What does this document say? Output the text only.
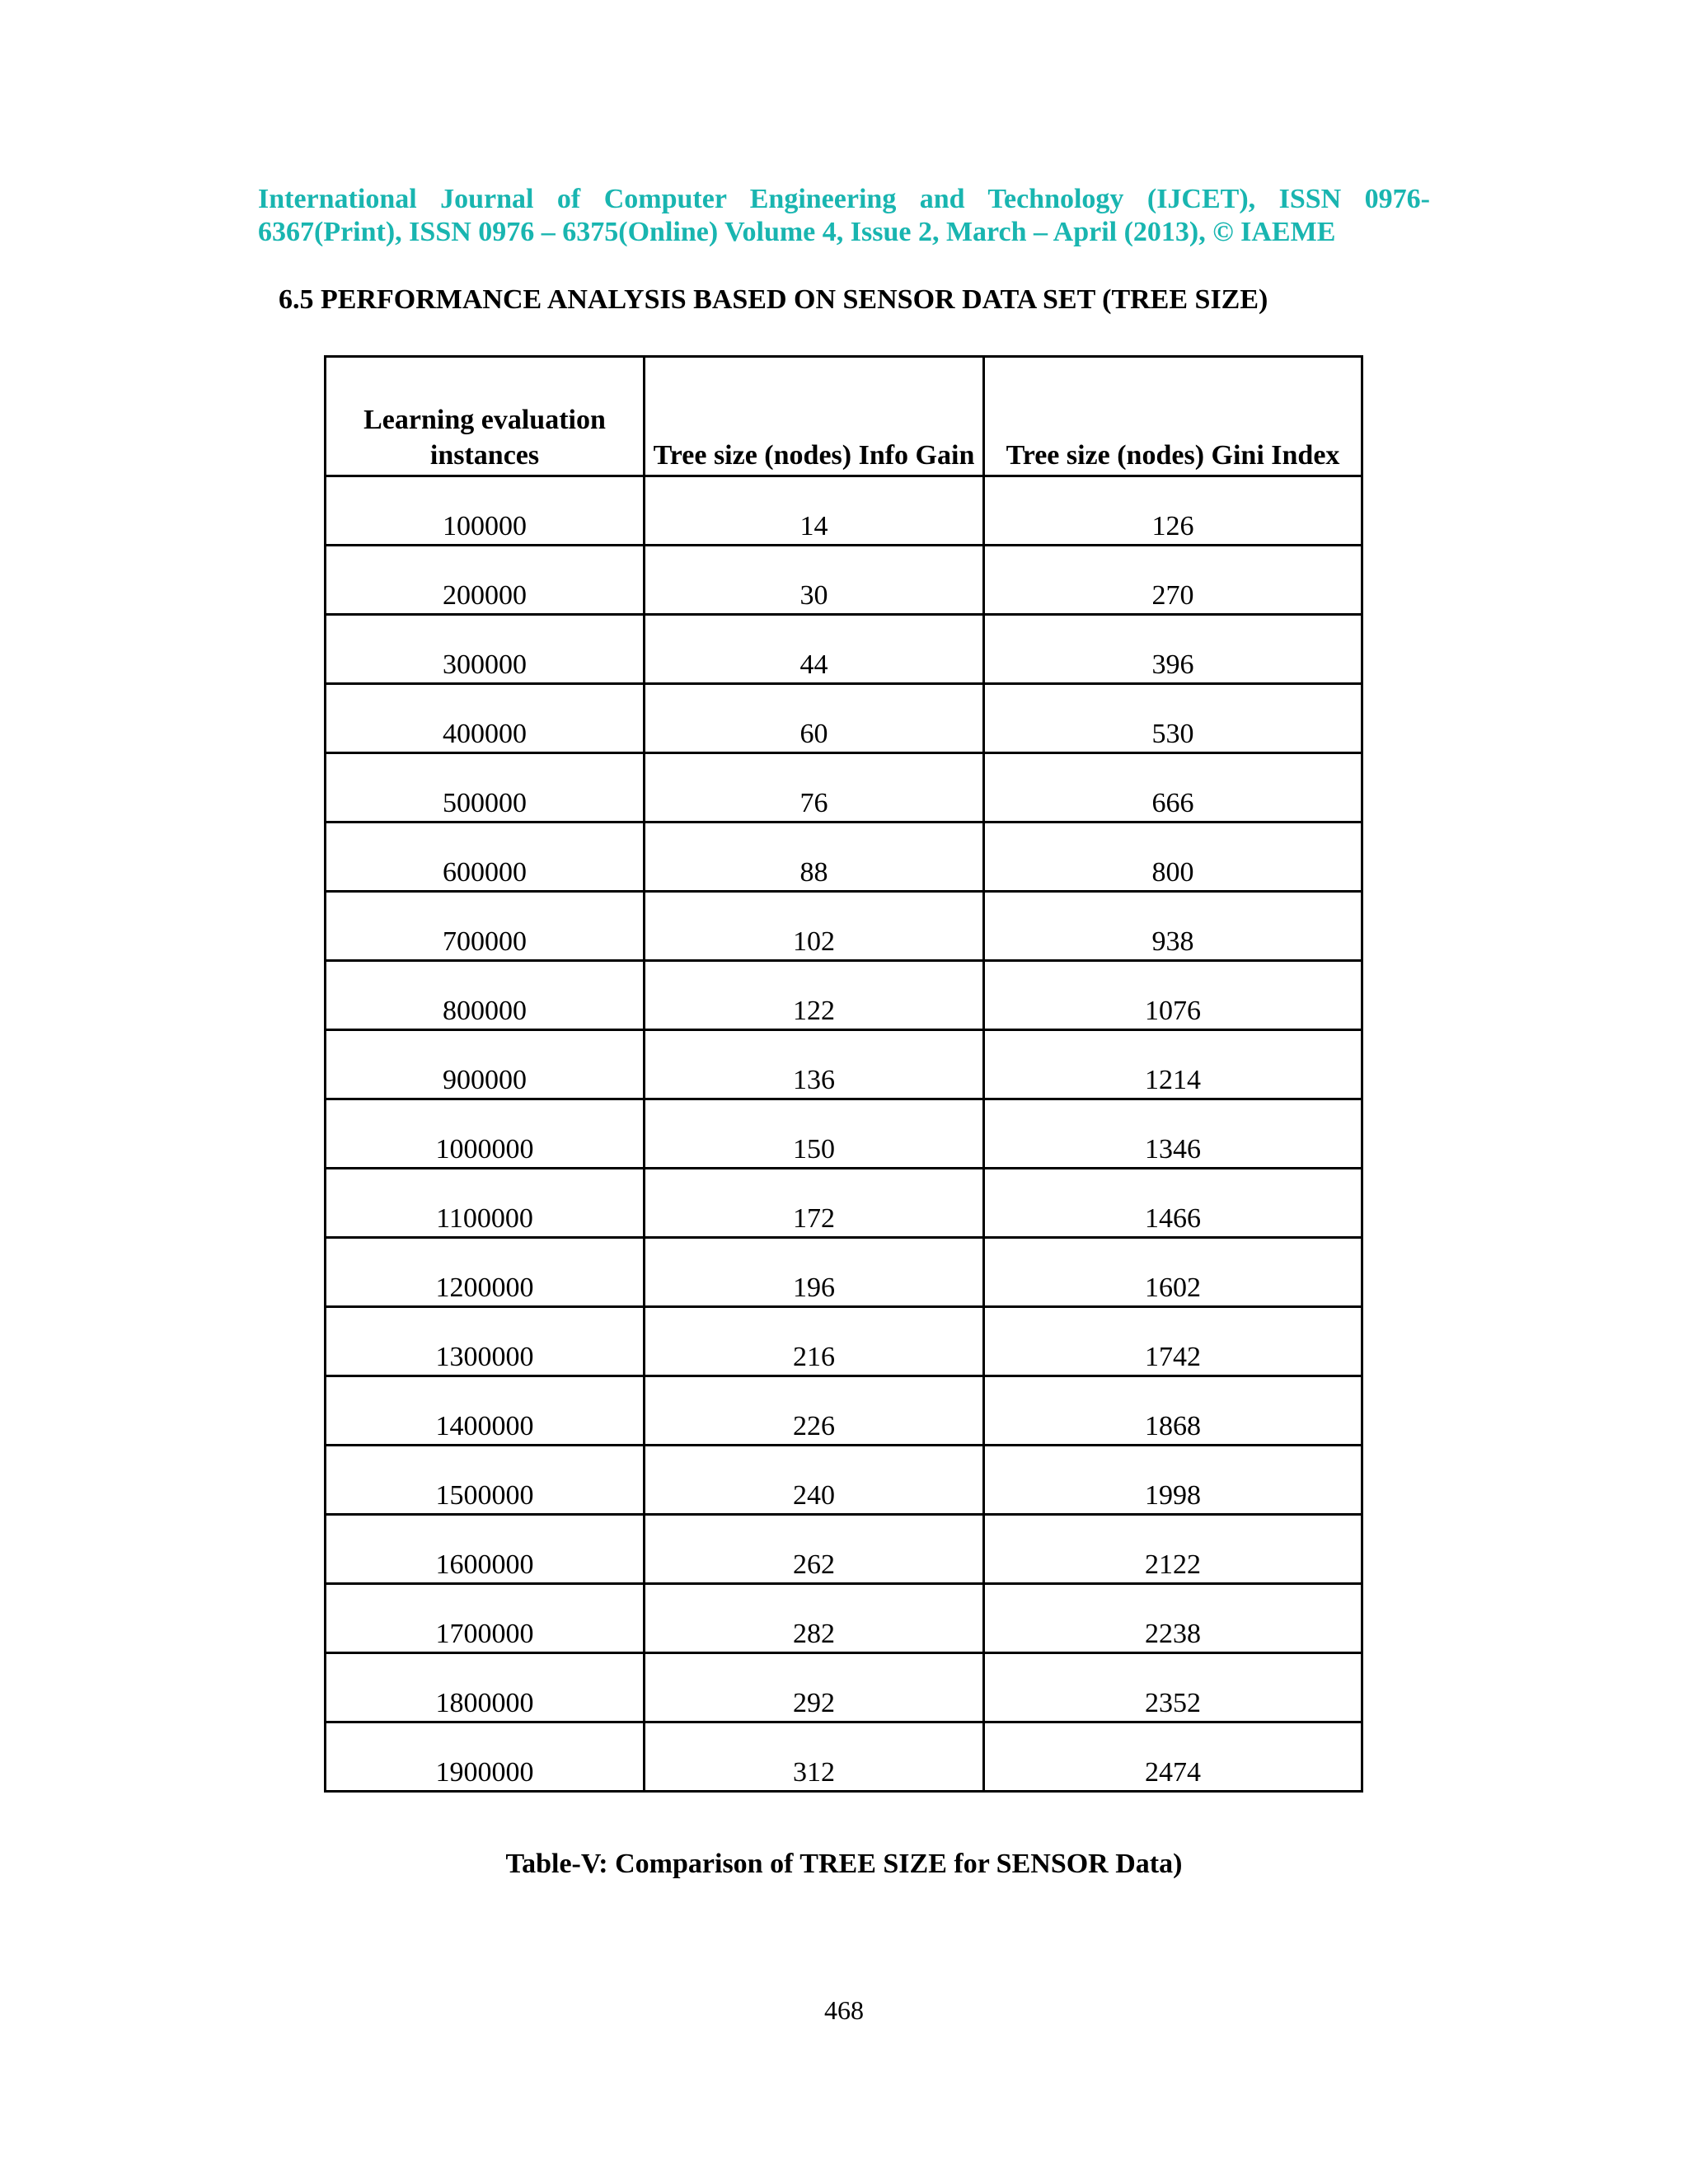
International Journal of Computer Engineering and Technology (IJCET), ISSN 0976-
6367(Print), ISSN 0976 – 6375(Online) Volume 4, Issue 2, March – April (2013), © IAEME
6.5 PERFORMANCE ANALYSIS BASED ON SENSOR DATA SET (TREE SIZE)
Learning evaluation instances	Tree size (nodes) Info Gain	Tree size (nodes) Gini Index
100000	14	126
200000	30	270
300000	44	396
400000	60	530
500000	76	666
600000	88	800
700000	102	938
800000	122	1076
900000	136	1214
1000000	150	1346
1100000	172	1466
1200000	196	1602
1300000	216	1742
1400000	226	1868
1500000	240	1998
1600000	262	2122
1700000	282	2238
1800000	292	2352
1900000	312	2474
Table-V: Comparison of TREE SIZE for SENSOR Data)
468
